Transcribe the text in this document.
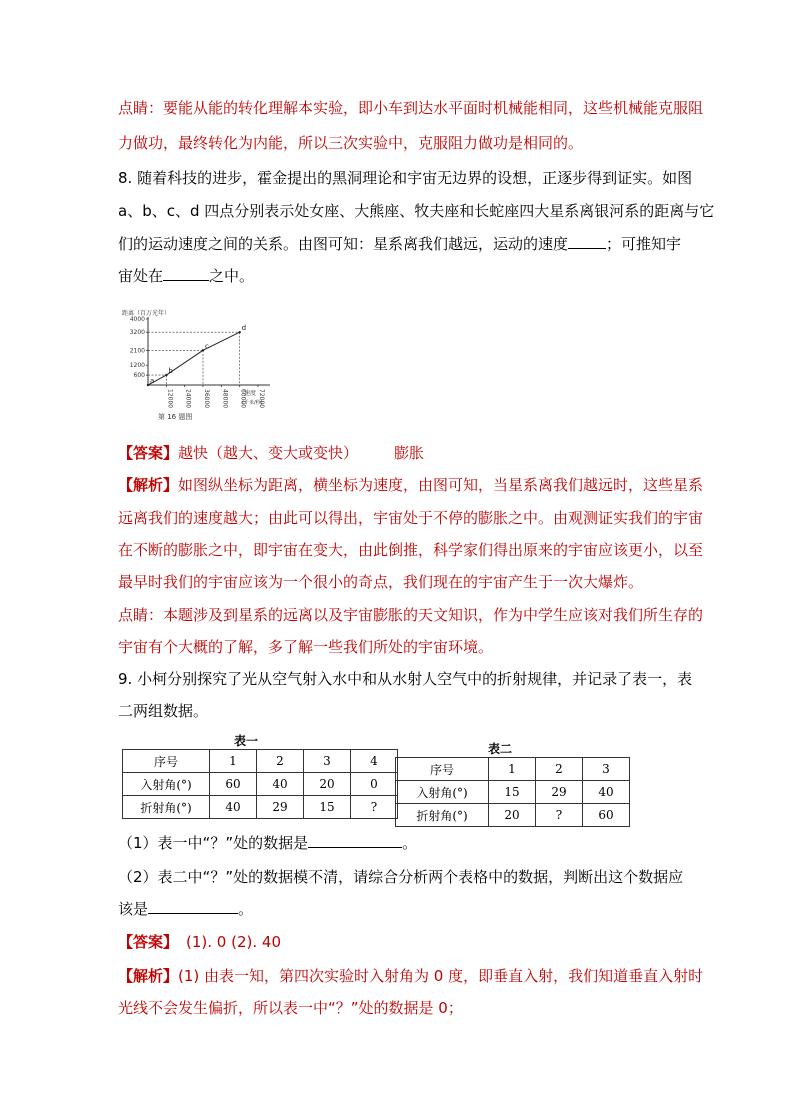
点睛：要能从能的转化理解本实验，即小车到达水平面时机械能相同，这些机械能克服阻
力做功，最终转化为内能，所以三次实验中，克服阻力做功是相同的。
8. 随着科技的进步，霍金提出的黑洞理论和宇宙无边界的设想，正逐步得到证实。如图
a、b、c、d 四点分别表示处女座、大熊座、牧夫座和长蛇座四大星系离银河系的距离与它
们的运动速度之间的关系。由图可知：星系离我们越远，运动的速度	；可推知宇
宙处在	之中。
距离（百万光年）
第 16 题图
速度
(千米/秒)
600
1200
2100
3200
4000
12000 24000 36000 48000 60000 72000
a
b
c
d
【答案】越快（越大、变大或变快） 膨胀
【解析】如图纵坐标为距离，横坐标为速度，由图可知，当星系离我们越远时，这些星系
远离我们的速度越大；由此可以得出，宇宙处于不停的膨胀之中。由观测证实我们的宇宙
在不断的膨胀之中，即宇宙在变大，由此倒推，科学家们得出原来的宇宙应该更小，以至
最早时我们的宇宙应该为一个很小的奇点，我们现在的宇宙产生于一次大爆炸。
点睛：本题涉及到星系的远离以及宇宙膨胀的天文知识，作为中学生应该对我们所生存的
宇宙有个大概的了解，多了解一些我们所处的宇宙环境。
9. 小柯分别探究了光从空气射入水中和从水射人空气中的折射规律，并记录了表一，表
二两组数据。
表一
序号	1	2	3	4
入射角(°)	60	40	20	0
折射角(°)	40	29	15	?
表二
序号	1	2	3
入射角(°)	15	29	40
折射角(°)	20	?	60
（1）表一中“？”处的数据是	。
（2）表二中“？”处的数据模不清，请综合分析两个表格中的数据，判断出这个数据应
该是	。
【答案】 (1). 0 (2). 40
【解析】(1) 由表一知，第四次实验时入射角为 0 度，即垂直入射，我们知道垂直入射时
光线不会发生偏折，所以表一中“？”处的数据是 0；
